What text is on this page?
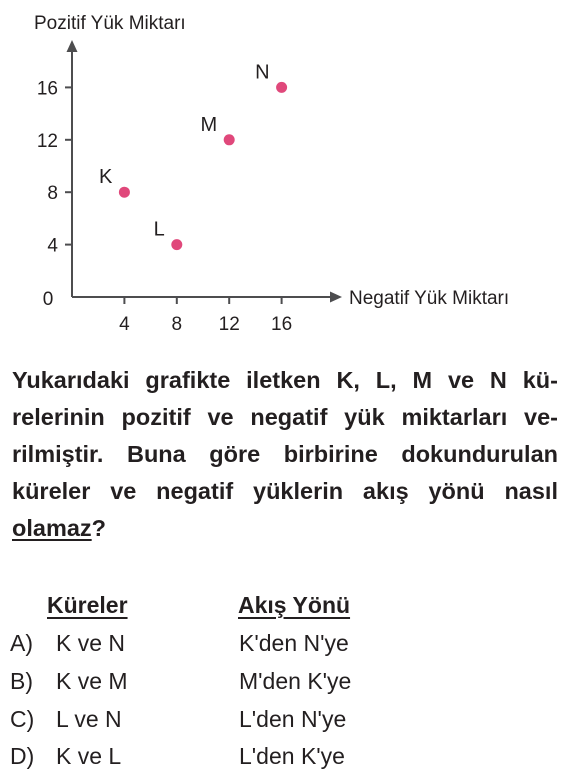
4 8 12 16
4
8
12
16
K
L
M
N
Pozitif Yük Miktarı
Negatif Yük Miktarı
0
Yukarıdaki grafikte iletken K, L, M ve N kü-
relerinin pozitif ve negatif yük miktarları ve-
rilmiştir. Buna göre birbirine dokundurulan
küreler ve negatif yüklerin akış yönü nasıl
olamaz?
Küreler	Akış Yönü
A) K ve N	K'den N'ye
B) K ve M	M'den K'ye
C) L ve N	L'den N'ye
D) K ve L	L'den K'ye
